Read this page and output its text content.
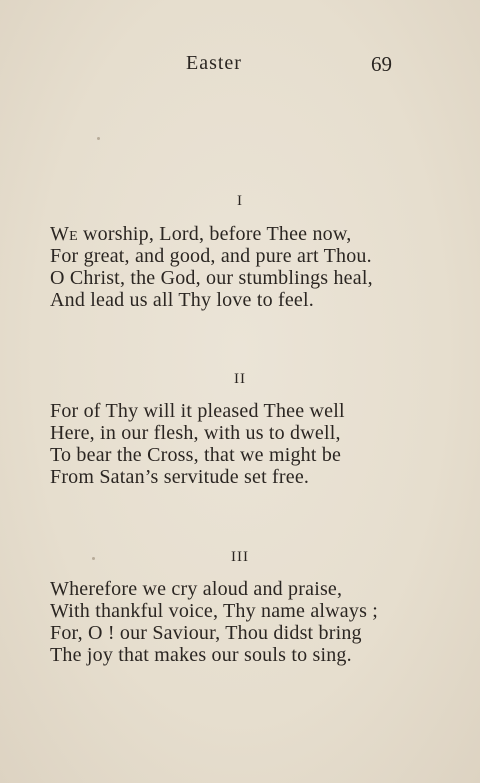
Easter	69
I
We worship, Lord, before Thee now,
For great, and good, and pure art Thou.
O Christ, the God, our stumblings heal,
And lead us all Thy love to feel.
II
For of Thy will it pleased Thee well
Here, in our flesh, with us to dwell,
To bear the Cross, that we might be
From Satan’s servitude set free.
III
Wherefore we cry aloud and praise,
With thankful voice, Thy name always ;
For, O ! our Saviour, Thou didst bring
The joy that makes our souls to sing.
